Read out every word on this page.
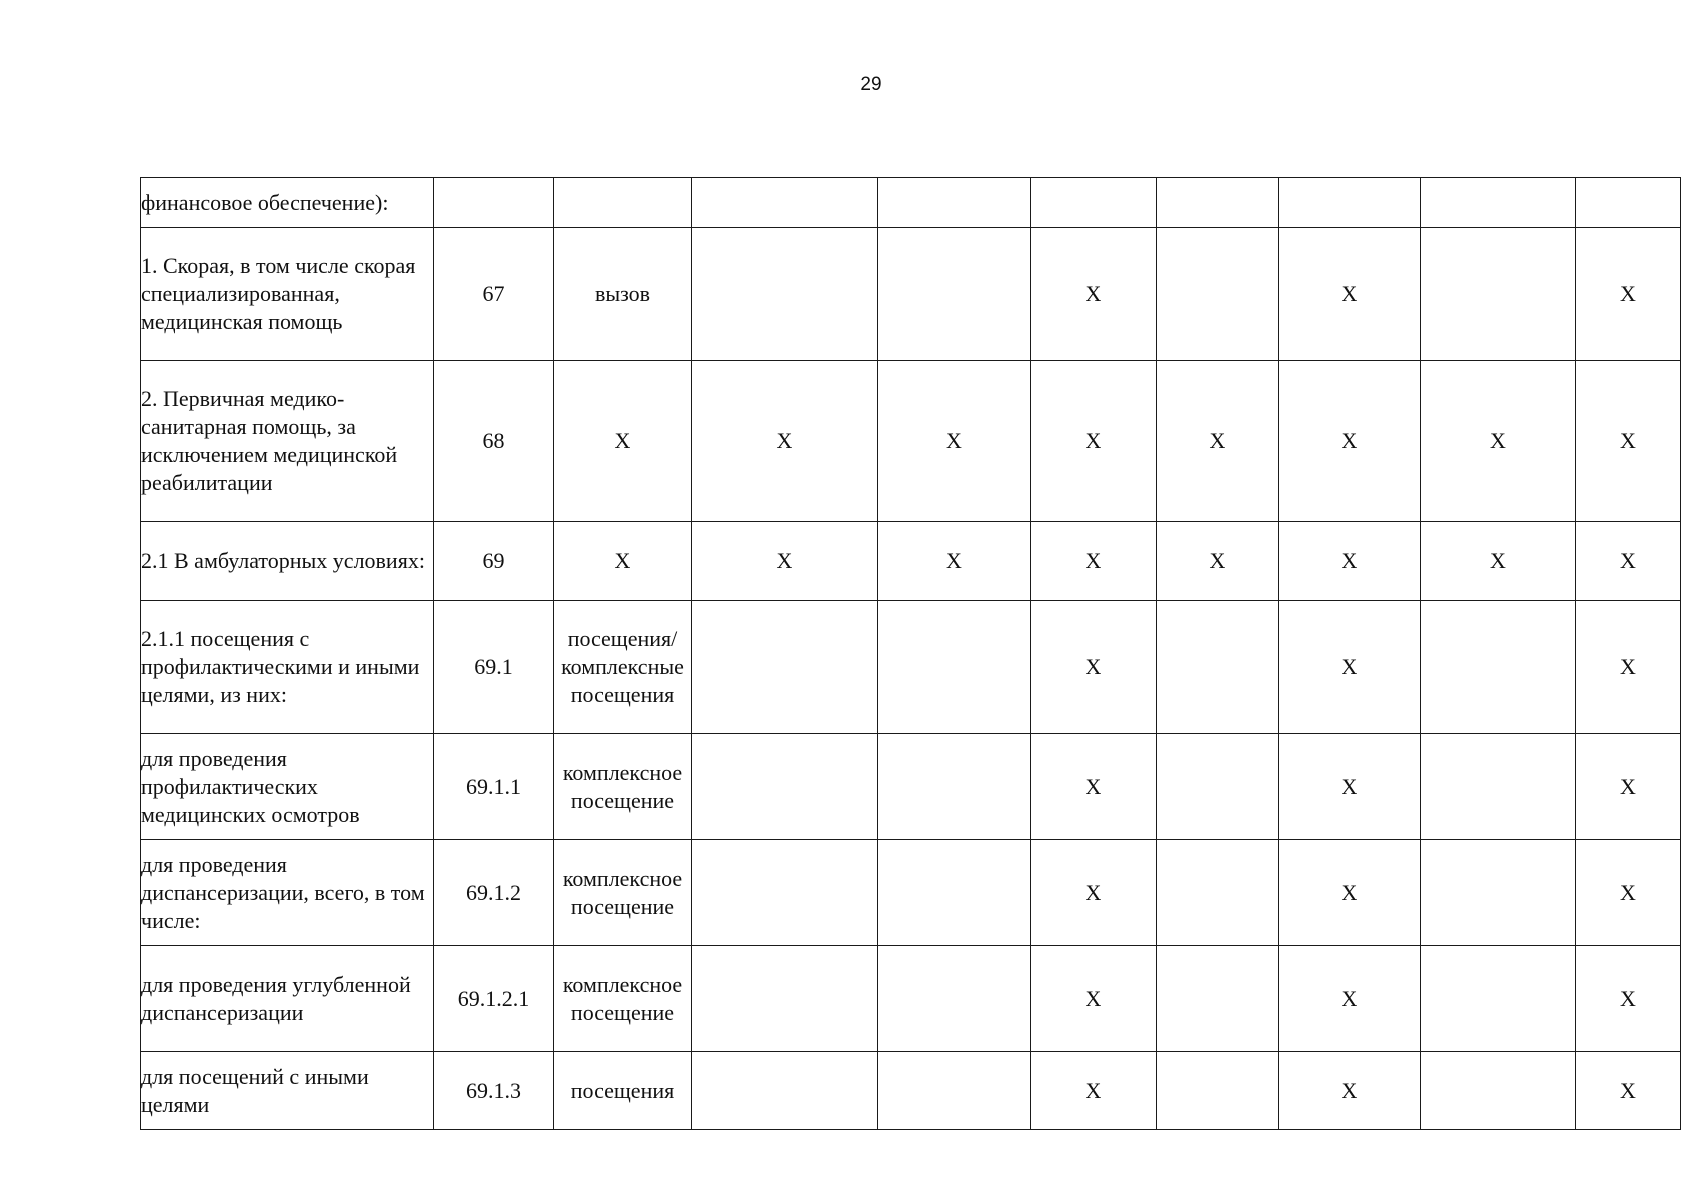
29
финансовое обеспечение):									
1. Скорая, в том числе скорая специализированная, медицинская помощь	67	вызов			X		X		X
2. Первичная медико-санитарная помощь, за исключением медицинской реабилитации	68	X	X	X	X	X	X	X	X
2.1 В амбулаторных условиях:	69	X	X	X	X	X	X	X	X
2.1.1 посещения с профилактическими и иными целями, из них:	69.1	посещения/ комплексные посещения			X		X		X
для проведения профилактических медицинских осмотров	69.1.1	комплексное посещение			X		X		X
для проведения диспансеризации, всего, в том числе:	69.1.2	комплексное посещение			X		X		X
для проведения углубленной диспансеризации	69.1.2.1	комплексное посещение			X		X		X
для посещений с иными целями	69.1.3	посещения			X		X		X
